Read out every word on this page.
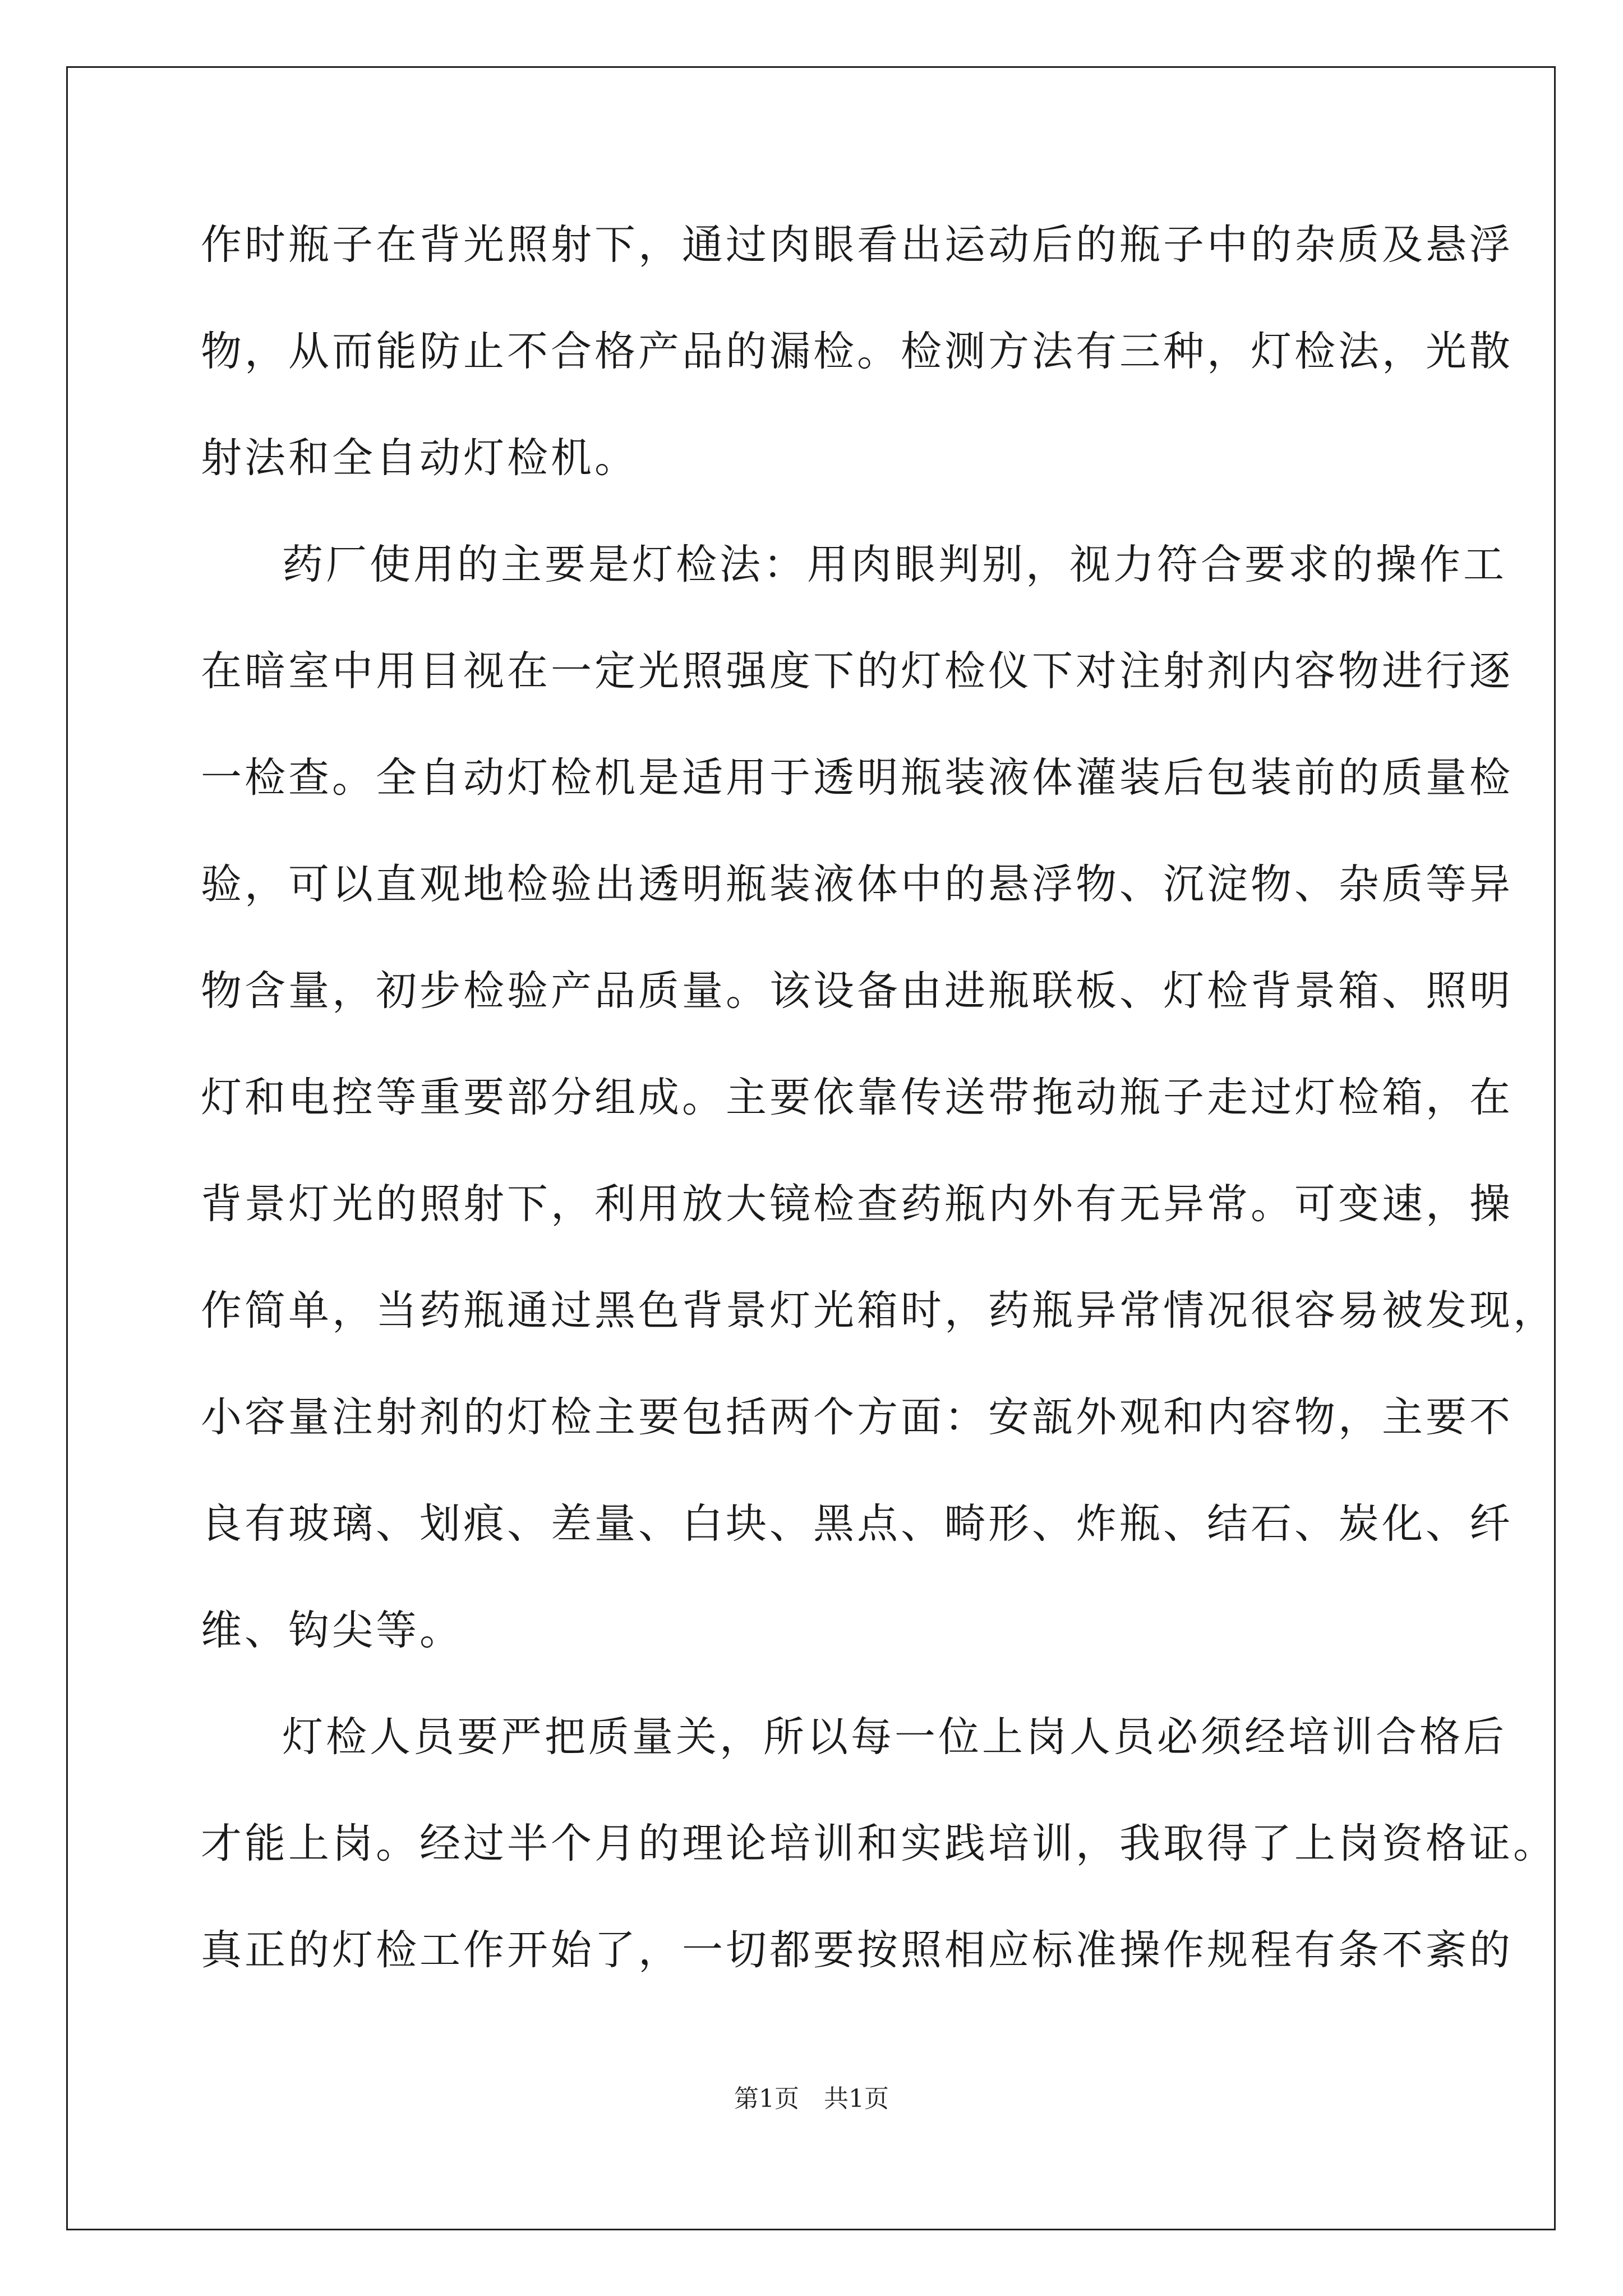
作时瓶子在背光照射下，通过肉眼看出运动后的瓶子中的杂质及悬浮
物，从而能防止不合格产品的漏检。检测方法有三种，灯检法，光散
射法和全自动灯检机。
药厂使用的主要是灯检法：用肉眼判别，视力符合要求的操作工
在暗室中用目视在一定光照强度下的灯检仪下对注射剂内容物进行逐
一检查。全自动灯检机是适用于透明瓶装液体灌装后包装前的质量检
验，可以直观地检验出透明瓶装液体中的悬浮物、沉淀物、杂质等异
物含量，初步检验产品质量。该设备由进瓶联板、灯检背景箱、照明
灯和电控等重要部分组成。主要依靠传送带拖动瓶子走过灯检箱，在
背景灯光的照射下，利用放大镜检查药瓶内外有无异常。可变速，操
作简单，当药瓶通过黑色背景灯光箱时，药瓶异常情况很容易被发现，
小容量注射剂的灯检主要包括两个方面：安瓿外观和内容物，主要不
良有玻璃、划痕、差量、白块、黑点、畸形、炸瓶、结石、炭化、纤
维、钩尖等。
灯检人员要严把质量关，所以每一位上岗人员必须经培训合格后
才能上岗。经过半个月的理论培训和实践培训，我取得了上岗资格证。
真正的灯检工作开始了，一切都要按照相应标准操作规程有条不紊的
第1页　共1页
